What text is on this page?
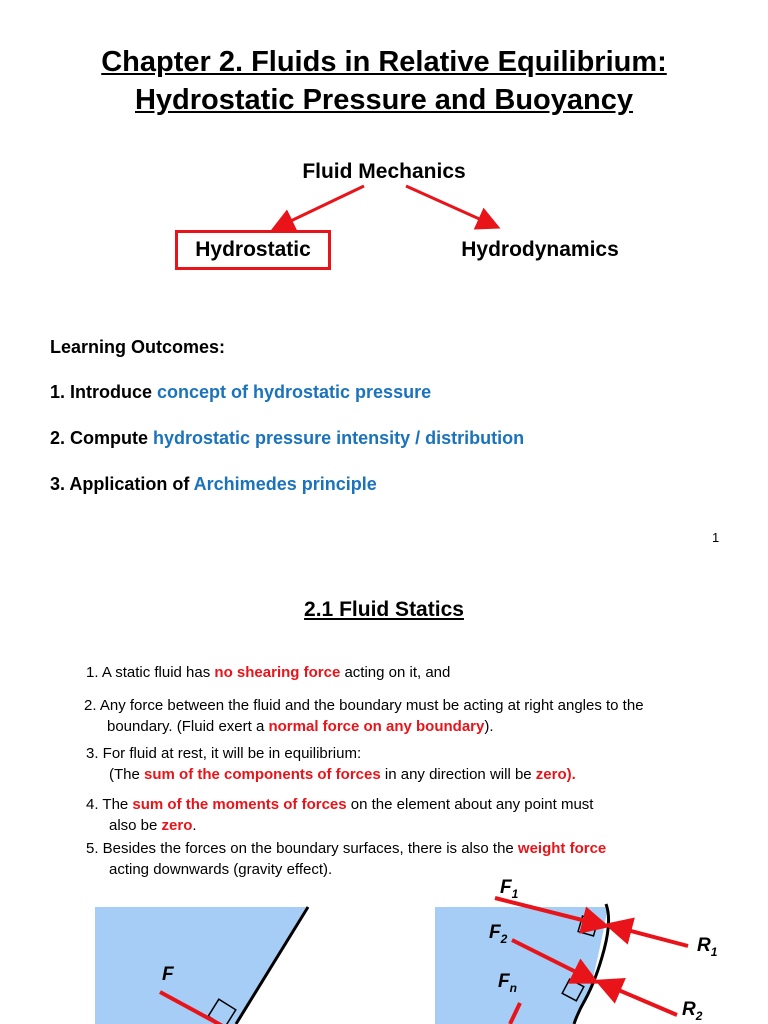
Chapter 2. Fluids in Relative Equilibrium:
Hydrostatic Pressure and Buoyancy
Fluid Mechanics
Hydrostatic	Hydrodynamics
Learning Outcomes:
1. Introduce concept of hydrostatic pressure
2. Compute hydrostatic pressure intensity / distribution
3. Application of Archimedes principle
1
2.1 Fluid Statics
1. A static fluid has no shearing force acting on it, and
2. Any force between the fluid and the boundary must be acting at right angles to the
boundary. (Fluid exert a normal force on any boundary).
3. For fluid at rest, it will be in equilibrium:
(The sum of the components of forces in any direction will be zero).
4. The sum of the moments of forces on the element about any point must
also be zero.
5. Besides the forces on the boundary surfaces, there is also the weight force
acting downwards (gravity effect).
F
$F_1$
$F_2$
$F_n$
$R_1$
$R_2$
